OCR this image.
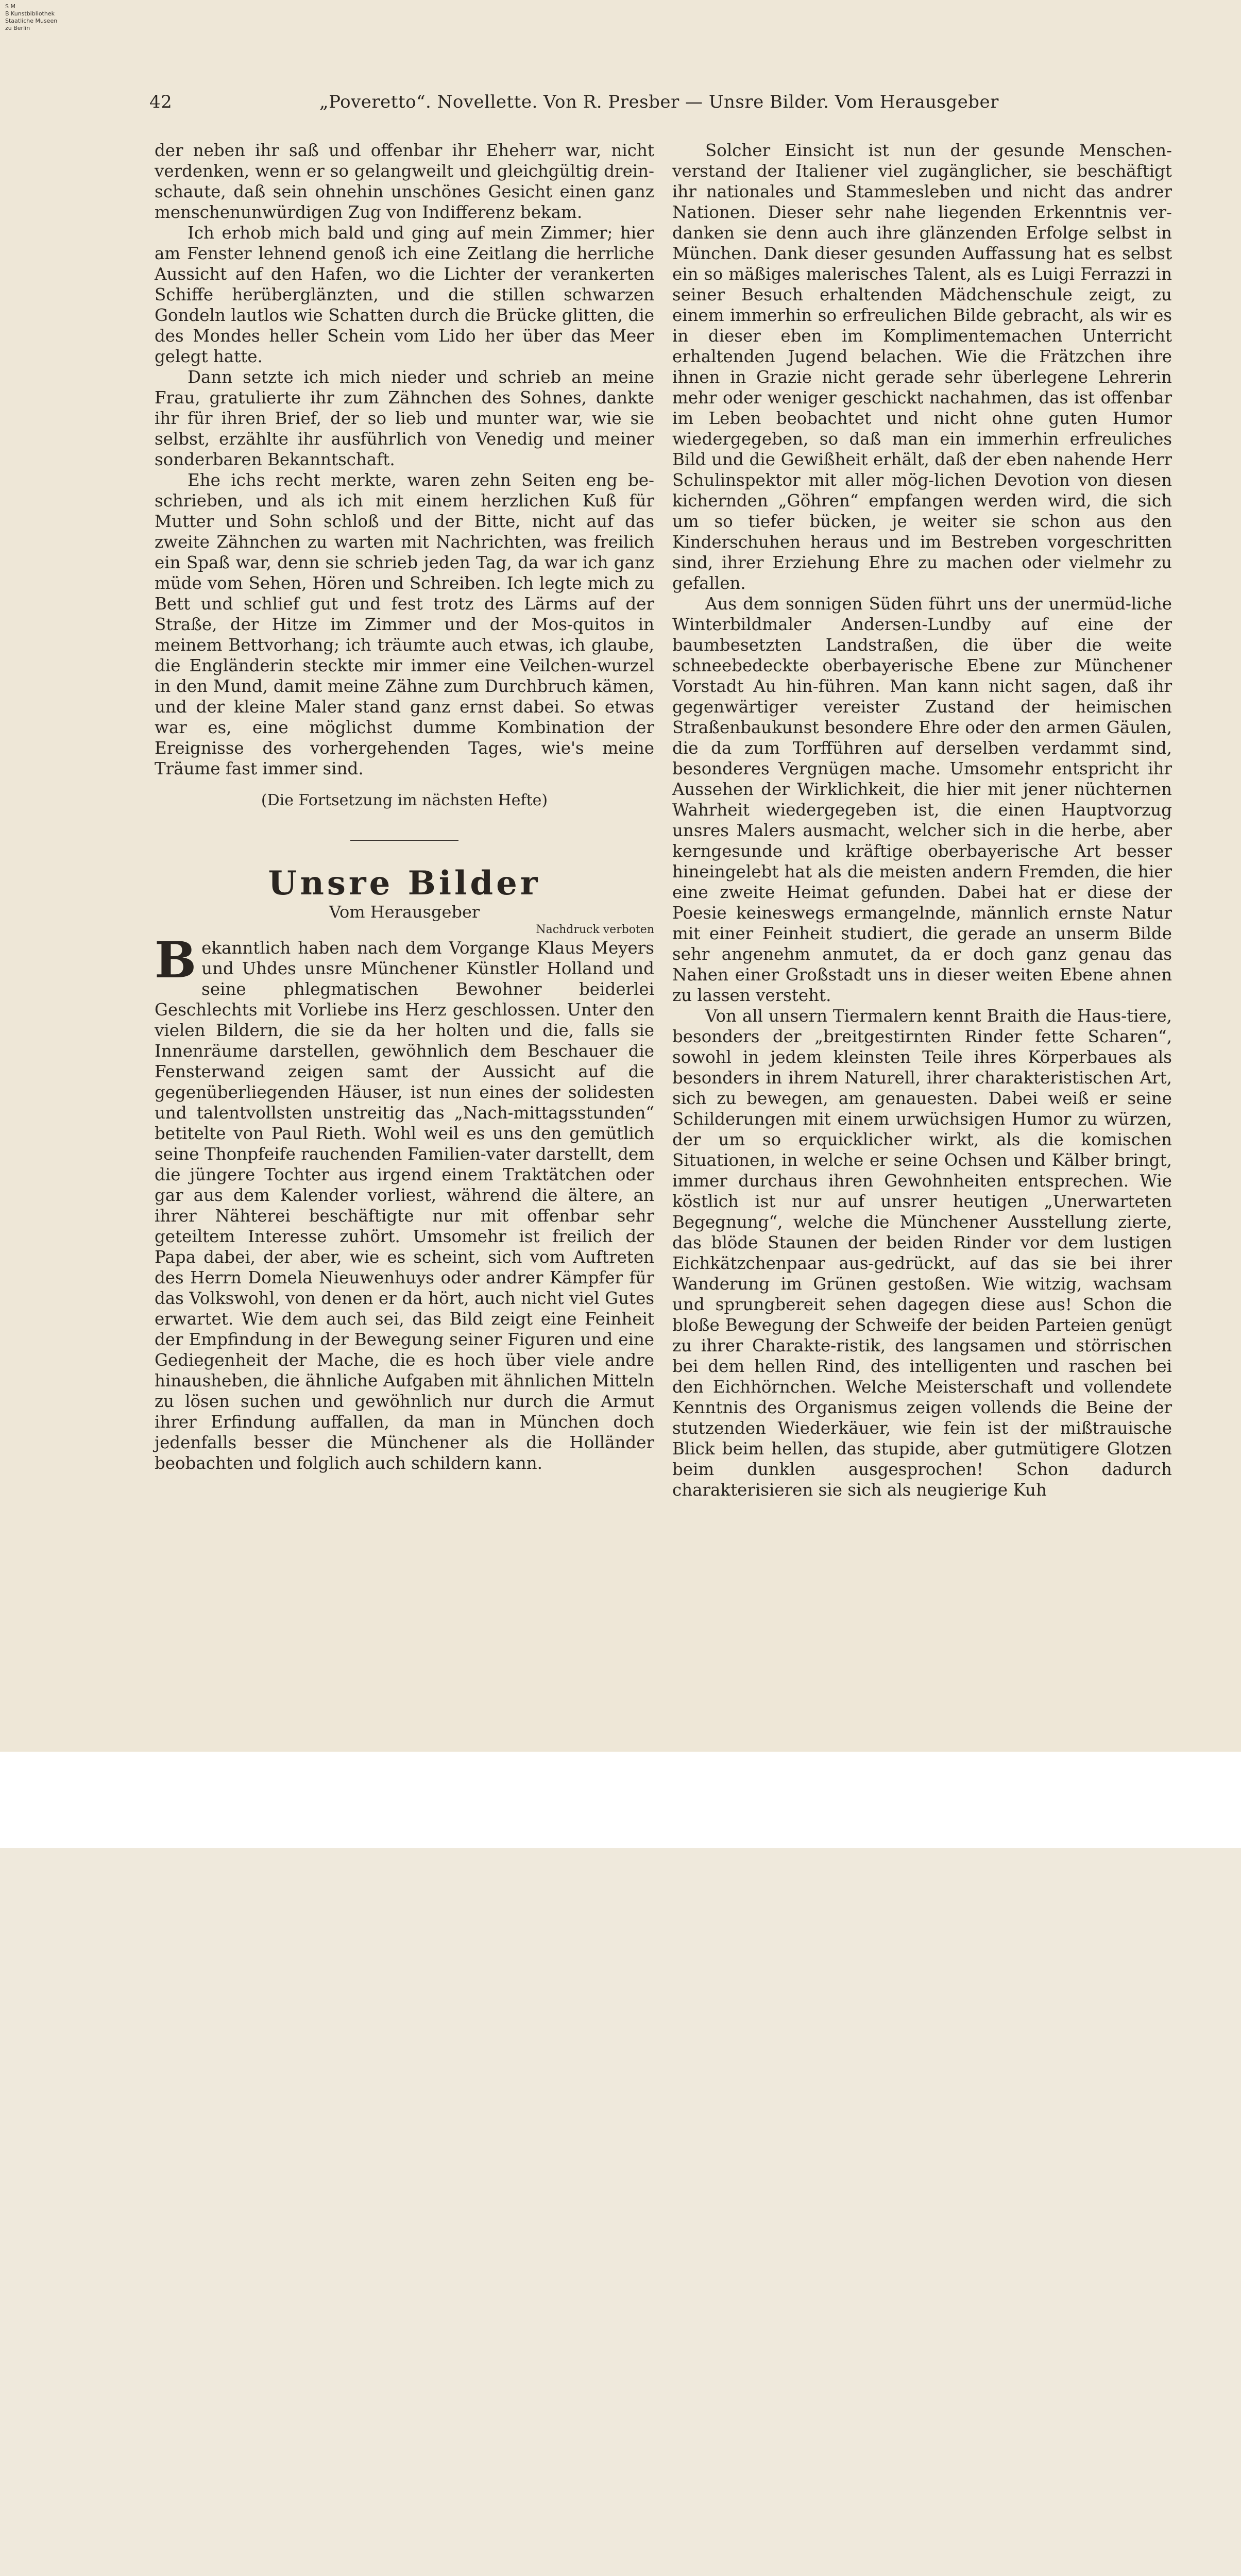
S M
B Kunstbibliothek
Staatliche Museen
zu Berlin
42	„Poveretto“. Novellette. Von R. Presber — Unsre Bilder. Vom Herausgeber

der neben ihr saß und offenbar ihr Eheherr war, nicht verdenken, wenn er so gelangweilt und gleichgültig drein-schaute, daß sein ohnehin unschönes Gesicht einen ganz menschenunwürdigen Zug von Indifferenz bekam.

Ich erhob mich bald und ging auf mein Zimmer; hier am Fenster lehnend genoß ich eine Zeitlang die herrliche Aussicht auf den Hafen, wo die Lichter der verankerten Schiffe herüberglänzten, und die stillen schwarzen Gondeln lautlos wie Schatten durch die Brücke glitten, die des Mondes heller Schein vom Lido her über das Meer gelegt hatte.

Dann setzte ich mich nieder und schrieb an meine Frau, gratulierte ihr zum Zähnchen des Sohnes, dankte ihr für ihren Brief, der so lieb und munter war, wie sie selbst, erzählte ihr ausführlich von Venedig und meiner sonderbaren Bekanntschaft.

Ehe ichs recht merkte, waren zehn Seiten eng be-schrieben, und als ich mit einem herzlichen Kuß für Mutter und Sohn schloß und der Bitte, nicht auf das zweite Zähnchen zu warten mit Nachrichten, was freilich ein Spaß war, denn sie schrieb jeden Tag, da war ich ganz müde vom Sehen, Hören und Schreiben. Ich legte mich zu Bett und schlief gut und fest trotz des Lärms auf der Straße, der Hitze im Zimmer und der Mos-quitos in meinem Bettvorhang; ich träumte auch etwas, ich glaube, die Engländerin steckte mir immer eine Veilchen-wurzel in den Mund, damit meine Zähne zum Durchbruch kämen, und der kleine Maler stand ganz ernst dabei. So etwas war es, eine möglichst dumme Kombination der Ereignisse des vorhergehenden Tages, wie's meine Träume fast immer sind.

(Die Fortsetzung im nächsten Hefte)

Unsre Bilder

Vom Herausgeber

Nachdruck verboten

Bekanntlich haben nach dem Vorgange Klaus Meyers und Uhdes unsre Münchener Künstler Holland und seine phlegmatischen Bewohner beiderlei Geschlechts mit Vorliebe ins Herz geschlossen. Unter den vielen Bildern, die sie da her holten und die, falls sie Innenräume darstellen, gewöhnlich dem Beschauer die Fensterwand zeigen samt der Aussicht auf die gegenüberliegenden Häuser, ist nun eines der solidesten und talentvollsten unstreitig das „Nach-mittagsstunden“ betitelte von Paul Rieth. Wohl weil es uns den gemütlich seine Thonpfeife rauchenden Familien-vater darstellt, dem die jüngere Tochter aus irgend einem Traktätchen oder gar aus dem Kalender vorliest, während die ältere, an ihrer Nähterei beschäftigte nur mit offenbar sehr geteiltem Interesse zuhört. Umsomehr ist freilich der Papa dabei, der aber, wie es scheint, sich vom Auftreten des Herrn Domela Nieuwenhuys oder andrer Kämpfer für das Volkswohl, von denen er da hört, auch nicht viel Gutes erwartet. Wie dem auch sei, das Bild zeigt eine Feinheit der Empfindung in der Bewegung seiner Figuren und eine Gediegenheit der Mache, die es hoch über viele andre hinausheben, die ähnliche Aufgaben mit ähnlichen Mitteln zu lösen suchen und gewöhnlich nur durch die Armut ihrer Erfindung auffallen, da man in München doch jedenfalls besser die Münchener als die Holländer beobachten und folglich auch schildern kann.

Solcher Einsicht ist nun der gesunde Menschen-verstand der Italiener viel zugänglicher, sie beschäftigt ihr nationales und Stammesleben und nicht das andrer Nationen. Dieser sehr nahe liegenden Erkenntnis ver-danken sie denn auch ihre glänzenden Erfolge selbst in München. Dank dieser gesunden Auffassung hat es selbst ein so mäßiges malerisches Talent, als es Luigi Ferrazzi in seiner Besuch erhaltenden Mädchenschule zeigt, zu einem immerhin so erfreulichen Bilde gebracht, als wir es in dieser eben im Komplimentemachen Unterricht erhaltenden Jugend belachen. Wie die Frätzchen ihre ihnen in Grazie nicht gerade sehr überlegene Lehrerin mehr oder weniger geschickt nachahmen, das ist offenbar im Leben beobachtet und nicht ohne guten Humor wiedergegeben, so daß man ein immerhin erfreuliches Bild und die Gewißheit erhält, daß der eben nahende Herr Schulinspektor mit aller mög-lichen Devotion von diesen kichernden „Göhren“ empfangen werden wird, die sich um so tiefer bücken, je weiter sie schon aus den Kinderschuhen heraus und im Bestreben vorgeschritten sind, ihrer Erziehung Ehre zu machen oder vielmehr zu gefallen.

Aus dem sonnigen Süden führt uns der unermüd-liche Winterbildmaler Andersen-Lundby auf eine der baumbesetzten Landstraßen, die über die weite schneebedeckte oberbayerische Ebene zur Münchener Vorstadt Au hin-führen. Man kann nicht sagen, daß ihr gegenwärtiger vereister Zustand der heimischen Straßenbaukunst besondere Ehre oder den armen Gäulen, die da zum Torfführen auf derselben verdammt sind, besonderes Vergnügen mache. Umsomehr entspricht ihr Aussehen der Wirklichkeit, die hier mit jener nüchternen Wahrheit wiedergegeben ist, die einen Hauptvorzug unsres Malers ausmacht, welcher sich in die herbe, aber kerngesunde und kräftige oberbayerische Art besser hineingelebt hat als die meisten andern Fremden, die hier eine zweite Heimat gefunden. Dabei hat er diese der Poesie keineswegs ermangelnde, männlich ernste Natur mit einer Feinheit studiert, die gerade an unserm Bilde sehr angenehm anmutet, da er doch ganz genau das Nahen einer Großstadt uns in dieser weiten Ebene ahnen zu lassen versteht.

Von all unsern Tiermalern kennt Braith die Haus-tiere, besonders der „breitgestirnten Rinder fette Scharen“, sowohl in jedem kleinsten Teile ihres Körperbaues als besonders in ihrem Naturell, ihrer charakteristischen Art, sich zu bewegen, am genauesten. Dabei weiß er seine Schilderungen mit einem urwüchsigen Humor zu würzen, der um so erquicklicher wirkt, als die komischen Situationen, in welche er seine Ochsen und Kälber bringt, immer durchaus ihren Gewohnheiten entsprechen. Wie köstlich ist nur auf unsrer heutigen „Unerwarteten Begegnung“, welche die Münchener Ausstellung zierte, das blöde Staunen der beiden Rinder vor dem lustigen Eichkätzchenpaar aus-gedrückt, auf das sie bei ihrer Wanderung im Grünen gestoßen. Wie witzig, wachsam und sprungbereit sehen dagegen diese aus! Schon die bloße Bewegung der Schweife der beiden Parteien genügt zu ihrer Charakte-ristik, des langsamen und störrischen bei dem hellen Rind, des intelligenten und raschen bei den Eichhörnchen. Welche Meisterschaft und vollendete Kenntnis des Organismus zeigen vollends die Beine der stutzenden Wiederkäuer, wie fein ist der mißtrauische Blick beim hellen, das stupide, aber gutmütigere Glotzen beim dunklen ausgesprochen! Schon dadurch charakterisieren sie sich als neugierige Kuh
